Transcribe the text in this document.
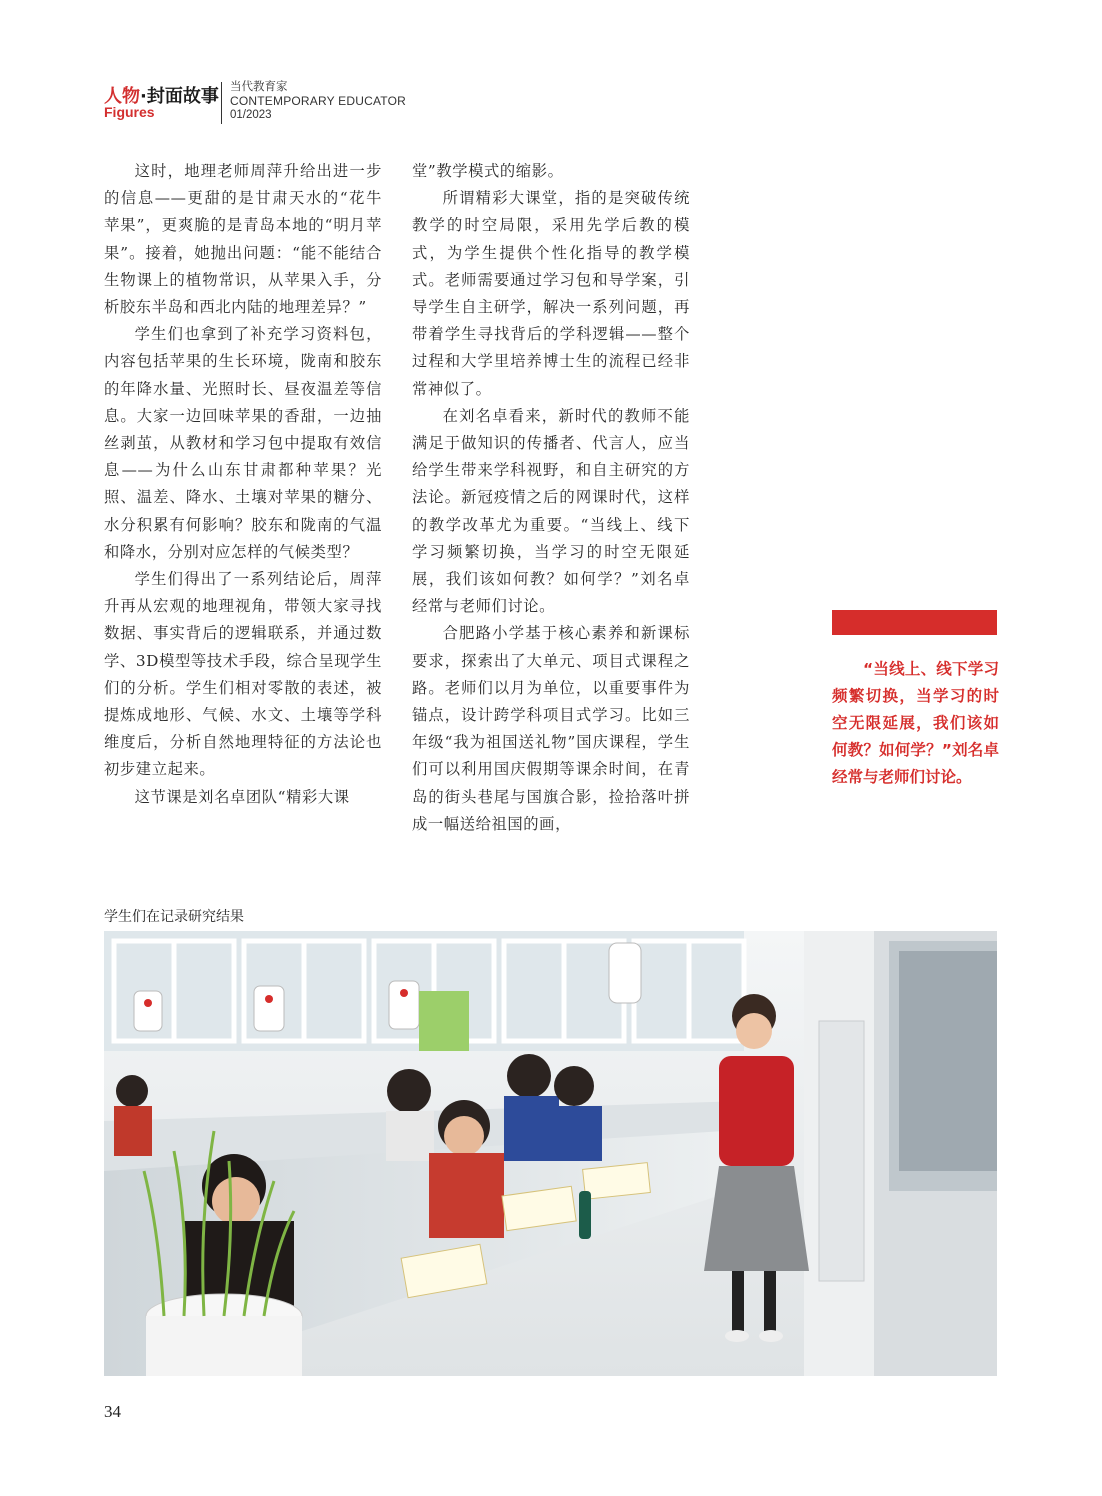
人物·封面故事
Figures
当代教育家
CONTEMPORARY EDUCATOR
01/2023

这时，地理老师周萍升给出进一步的信息——更甜的是甘肃天水的“花牛苹果”，更爽脆的是青岛本地的“明月苹果”。接着，她抛出问题：“能不能结合生物课上的植物常识，从苹果入手，分析胶东半岛和西北内陆的地理差异？”

学生们也拿到了补充学习资料包，内容包括苹果的生长环境，陇南和胶东的年降水量、光照时长、昼夜温差等信息。大家一边回味苹果的香甜，一边抽丝剥茧，从教材和学习包中提取有效信息——为什么山东甘肃都种苹果？光照、温差、降水、土壤对苹果的糖分、水分积累有何影响？胶东和陇南的气温和降水，分别对应怎样的气候类型？

学生们得出了一系列结论后，周萍升再从宏观的地理视角，带领大家寻找数据、事实背后的逻辑联系，并通过数学、3D模型等技术手段，综合呈现学生们的分析。学生们相对零散的表述，被提炼成地形、气候、水文、土壤等学科维度后，分析自然地理特征的方法论也初步建立起来。

这节课是刘名卓团队“精彩大课

堂”教学模式的缩影。

所谓精彩大课堂，指的是突破传统教学的时空局限，采用先学后教的模式，为学生提供个性化指导的教学模式。老师需要通过学习包和导学案，引导学生自主研学，解决一系列问题，再带着学生寻找背后的学科逻辑——整个过程和大学里培养博士生的流程已经非常神似了。

在刘名卓看来，新时代的教师不能满足于做知识的传播者、代言人，应当给学生带来学科视野，和自主研究的方法论。新冠疫情之后的网课时代，这样的教学改革尤为重要。“当线上、线下学习频繁切换，当学习的时空无限延展，我们该如何教？如何学？”刘名卓经常与老师们讨论。

合肥路小学基于核心素养和新课标要求，探索出了大单元、项目式课程之路。老师们以月为单位，以重要事件为锚点，设计跨学科项目式学习。比如三年级“我为祖国送礼物”国庆课程，学生们可以利用国庆假期等课余时间，在青岛的街头巷尾与国旗合影，捡拾落叶拼成一幅送给祖国的画，

“当线上、线下学习频繁切换，当学习的时空无限延展，我们该如何教？如何学？”刘名卓经常与老师们讨论。
学生们在记录研究结果
34
